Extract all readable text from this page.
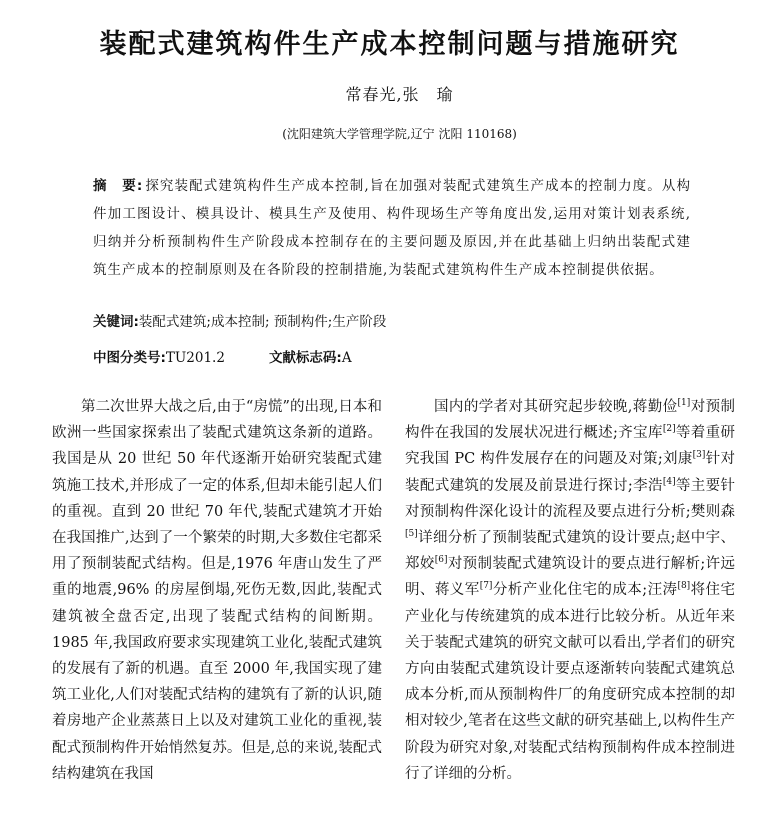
装配式建筑构件生产成本控制问题与措施研究
常春光,张　瑜
(沈阳建筑大学管理学院,辽宁 沈阳 110168)
摘　要: 探究装配式建筑构件生产成本控制,旨在加强对装配式建筑生产成本的控制力度。从构件加工图设计、模具设计、模具生产及使用、构件现场生产等角度出发,运用对策计划表系统,归纳并分析预制构件生产阶段成本控制存在的主要问题及原因,并在此基础上归纳出装配式建筑生产成本的控制原则及在各阶段的控制措施,为装配式建筑构件生产成本控制提供依据。
关键词:装配式建筑;成本控制; 预制构件;生产阶段
中图分类号:TU201.2	文献标志码:A

第二次世界大战之后,由于“房慌”的出现,日本和欧洲一些国家探索出了装配式建筑这条新的道路。我国是从 20 世纪 50 年代逐渐开始研究装配式建筑施工技术,并形成了一定的体系,但却未能引起人们的重视。直到 20 世纪 70 年代,装配式建筑才开始在我国推广,达到了一个繁荣的时期,大多数住宅都采用了预制装配式结构。但是,1976 年唐山发生了严重的地震,96% 的房屋倒塌,死伤无数,因此,装配式建筑被全盘否定,出现了装配式结构的间断期。1985 年,我国政府要求实现建筑工业化,装配式建筑的发展有了新的机遇。直至 2000 年,我国实现了建筑工业化,人们对装配式结构的建筑有了新的认识,随着房地产企业蒸蒸日上以及对建筑工业化的重视,装配式预制构件开始悄然复苏。但是,总的来说,装配式结构建筑在我国

国内的学者对其研究起步较晚,蒋勤俭[1]对预制构件在我国的发展状况进行概述;齐宝库[2]等着重研究我国 PC 构件发展存在的问题及对策;刘康[3]针对装配式建筑的发展及前景进行探讨;李浩[4]等主要针对预制构件深化设计的流程及要点进行分析;樊则森[5]详细分析了预制装配式建筑的设计要点;赵中宇、郑姣[6]对预制装配式建筑设计的要点进行解析;许远明、蒋义军[7]分析产业化住宅的成本;汪涛[8]将住宅产业化与传统建筑的成本进行比较分析。从近年来关于装配式建筑的研究文献可以看出,学者们的研究方向由装配式建筑设计要点逐渐转向装配式建筑总成本分析,而从预制构件厂的角度研究成本控制的却相对较少,笔者在这些文献的研究基础上,以构件生产阶段为研究对象,对装配式结构预制构件成本控制进行了详细的分析。
